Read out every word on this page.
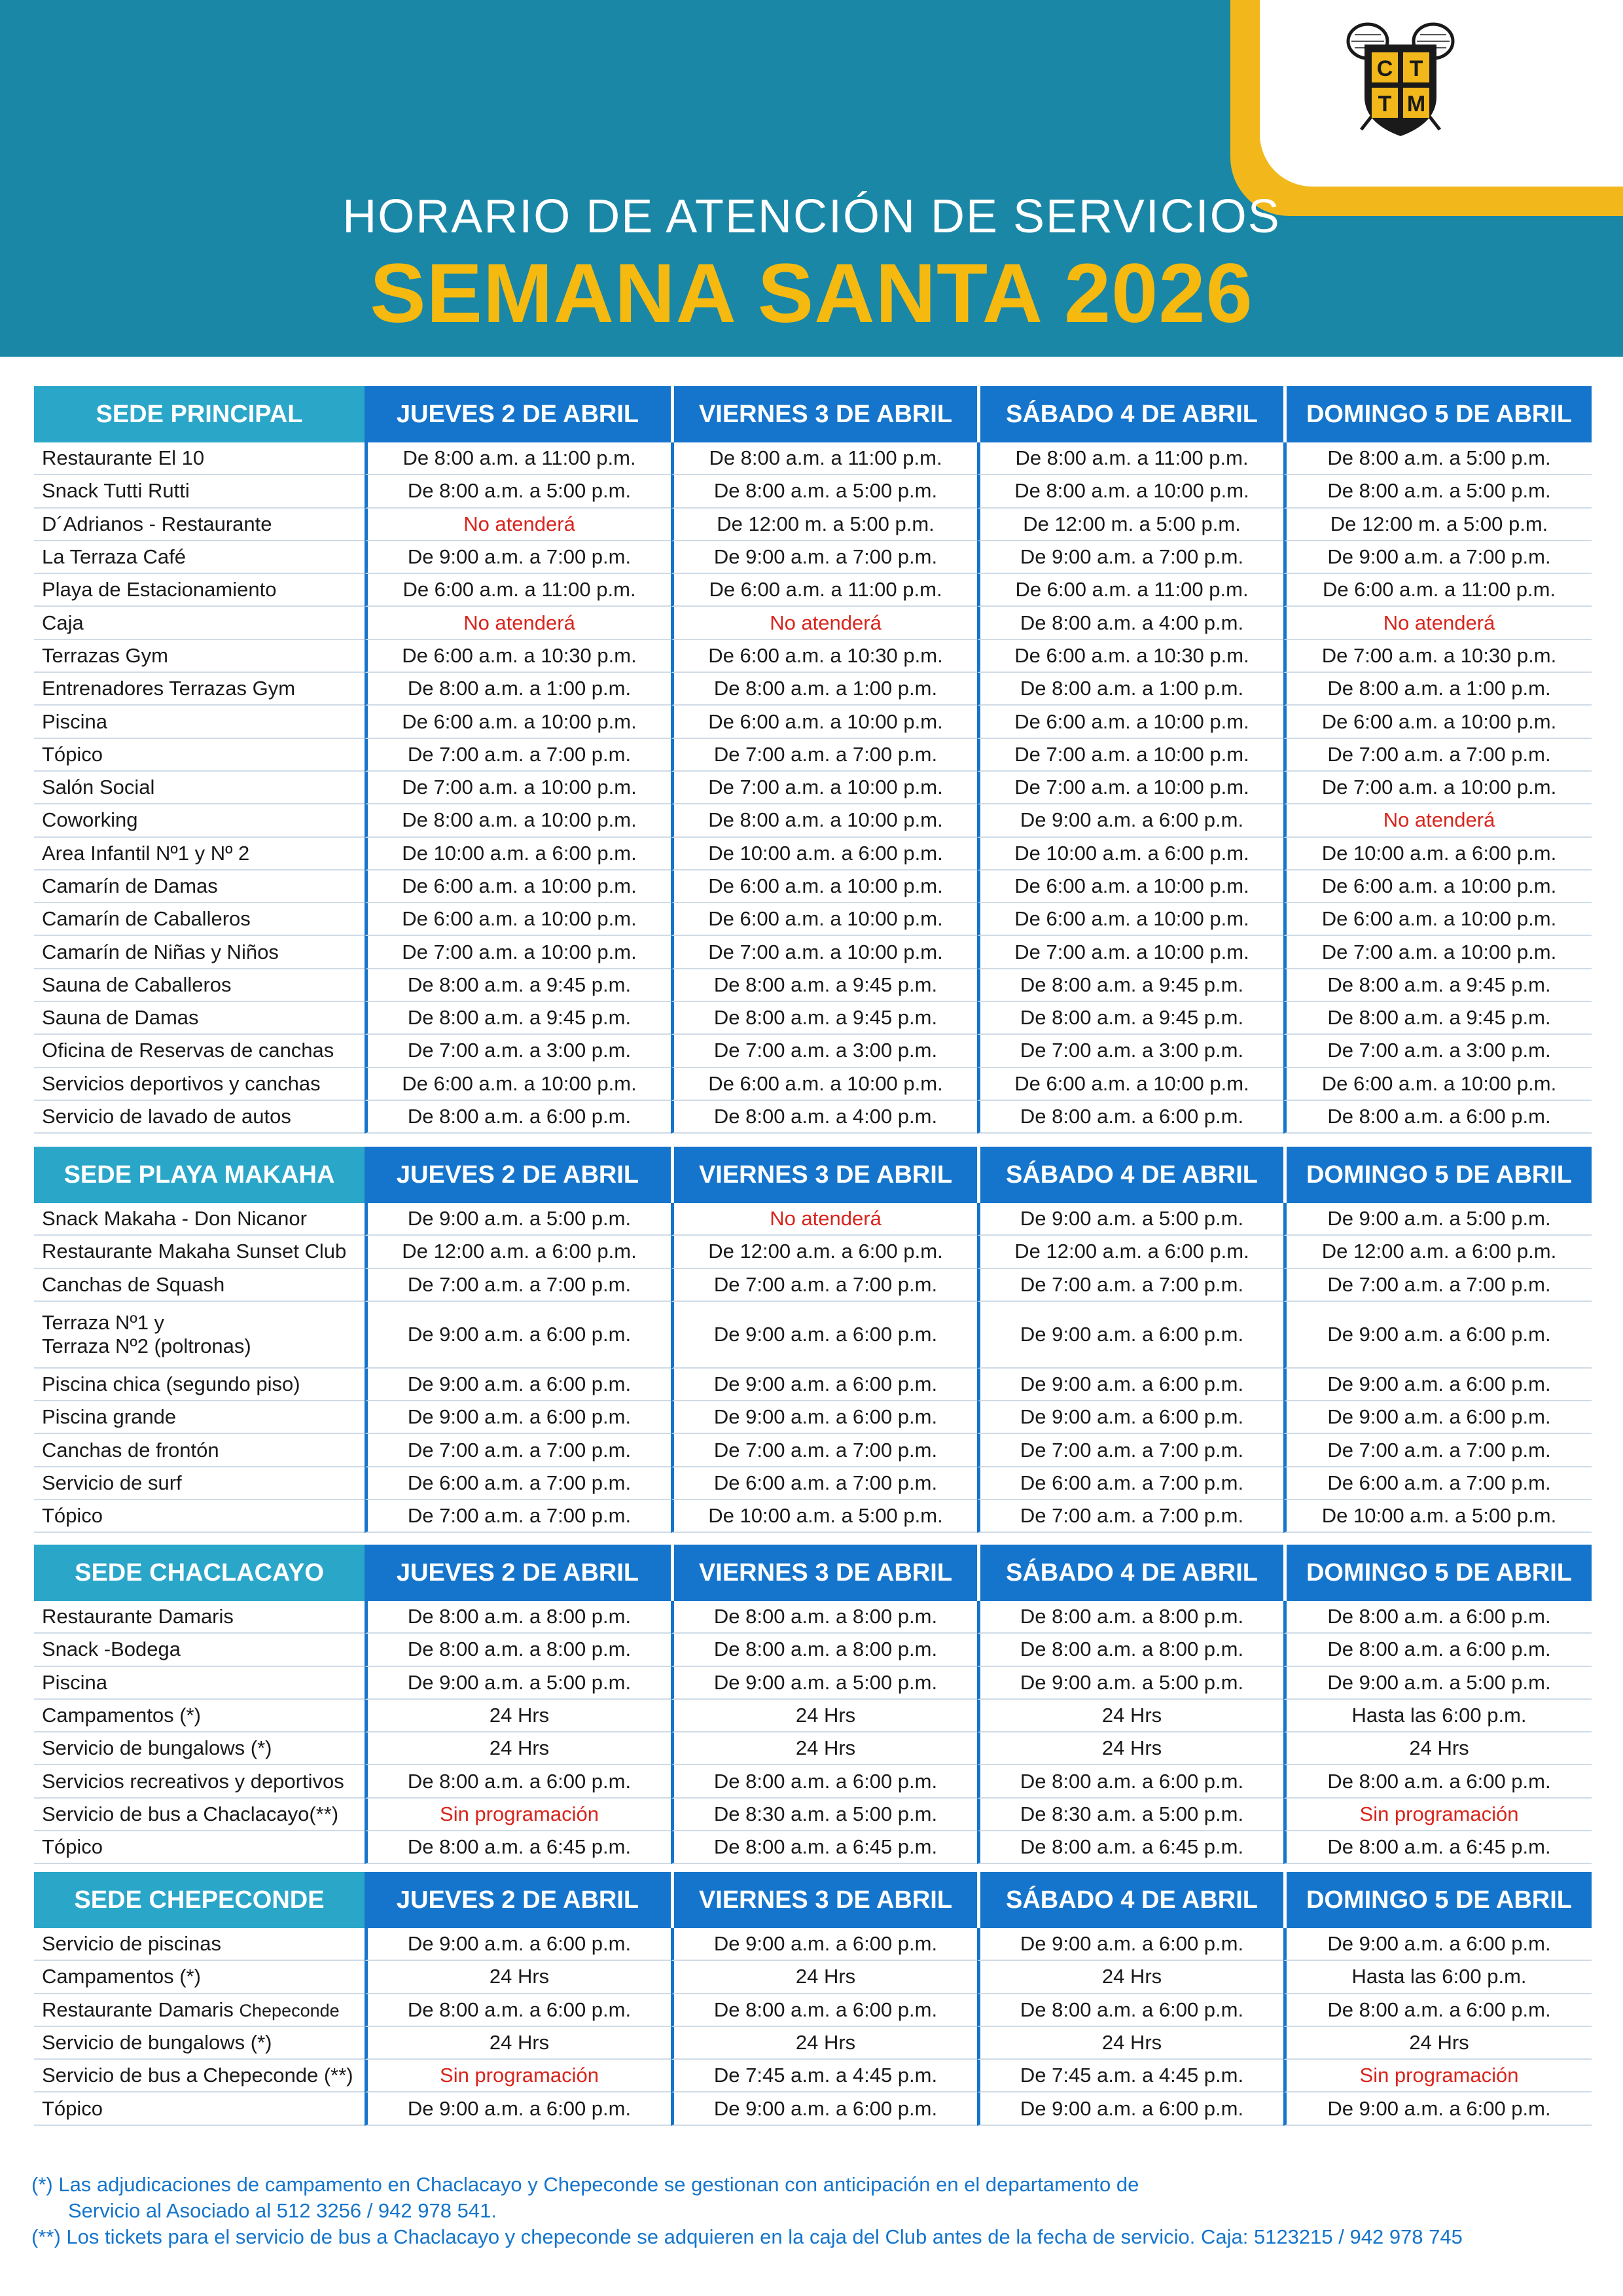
C T
T M
HORARIO DE ATENCIÓN DE SERVICIOS
SEMANA SANTA 2026
SEDE PRINCIPAL	JUEVES 2 DE ABRIL	VIERNES 3 DE ABRIL	SÁBADO 4 DE ABRIL	DOMINGO 5 DE ABRIL
Restaurante El 10	De 8:00 a.m. a 11:00 p.m.	De 8:00 a.m. a 11:00 p.m.	De 8:00 a.m. a 11:00 p.m.	De 8:00 a.m. a 5:00 p.m.
Snack Tutti Rutti	De 8:00 a.m. a 5:00 p.m.	De 8:00 a.m. a 5:00 p.m.	De 8:00 a.m. a 10:00 p.m.	De 8:00 a.m. a 5:00 p.m.
D´Adrianos - Restaurante	No atenderá	De 12:00 m. a 5:00 p.m.	De 12:00 m. a 5:00 p.m.	De 12:00 m. a 5:00 p.m.
La Terraza Café	De 9:00 a.m. a 7:00 p.m.	De 9:00 a.m. a 7:00 p.m.	De 9:00 a.m. a 7:00 p.m.	De 9:00 a.m. a 7:00 p.m.
Playa de Estacionamiento	De 6:00 a.m. a 11:00 p.m.	De 6:00 a.m. a 11:00 p.m.	De 6:00 a.m. a 11:00 p.m.	De 6:00 a.m. a 11:00 p.m.
Caja	No atenderá	No atenderá	De 8:00 a.m. a 4:00 p.m.	No atenderá
Terrazas Gym	De 6:00 a.m. a 10:30 p.m.	De 6:00 a.m. a 10:30 p.m.	De 6:00 a.m. a 10:30 p.m.	De 7:00 a.m. a 10:30 p.m.
Entrenadores Terrazas Gym	De 8:00 a.m. a 1:00 p.m.	De 8:00 a.m. a 1:00 p.m.	De 8:00 a.m. a 1:00 p.m.	De 8:00 a.m. a 1:00 p.m.
Piscina	De 6:00 a.m. a 10:00 p.m.	De 6:00 a.m. a 10:00 p.m.	De 6:00 a.m. a 10:00 p.m.	De 6:00 a.m. a 10:00 p.m.
Tópico	De 7:00 a.m. a 7:00 p.m.	De 7:00 a.m. a 7:00 p.m.	De 7:00 a.m. a 10:00 p.m.	De 7:00 a.m. a 7:00 p.m.
Salón Social	De 7:00 a.m. a 10:00 p.m.	De 7:00 a.m. a 10:00 p.m.	De 7:00 a.m. a 10:00 p.m.	De 7:00 a.m. a 10:00 p.m.
Coworking	De 8:00 a.m. a 10:00 p.m.	De 8:00 a.m. a 10:00 p.m.	De 9:00 a.m. a 6:00 p.m.	No atenderá
Area Infantil Nº1 y Nº 2	De 10:00 a.m. a 6:00 p.m.	De 10:00 a.m. a 6:00 p.m.	De 10:00 a.m. a 6:00 p.m.	De 10:00 a.m. a 6:00 p.m.
Camarín de Damas	De 6:00 a.m. a 10:00 p.m.	De 6:00 a.m. a 10:00 p.m.	De 6:00 a.m. a 10:00 p.m.	De 6:00 a.m. a 10:00 p.m.
Camarín de Caballeros	De 6:00 a.m. a 10:00 p.m.	De 6:00 a.m. a 10:00 p.m.	De 6:00 a.m. a 10:00 p.m.	De 6:00 a.m. a 10:00 p.m.
Camarín de Niñas y Niños	De 7:00 a.m. a 10:00 p.m.	De 7:00 a.m. a 10:00 p.m.	De 7:00 a.m. a 10:00 p.m.	De 7:00 a.m. a 10:00 p.m.
Sauna de Caballeros	De 8:00 a.m. a 9:45 p.m.	De 8:00 a.m. a 9:45 p.m.	De 8:00 a.m. a 9:45 p.m.	De 8:00 a.m. a 9:45 p.m.
Sauna de Damas	De 8:00 a.m. a 9:45 p.m.	De 8:00 a.m. a 9:45 p.m.	De 8:00 a.m. a 9:45 p.m.	De 8:00 a.m. a 9:45 p.m.
Oficina de Reservas de canchas	De 7:00 a.m. a 3:00 p.m.	De 7:00 a.m. a 3:00 p.m.	De 7:00 a.m. a 3:00 p.m.	De 7:00 a.m. a 3:00 p.m.
Servicios deportivos y canchas	De 6:00 a.m. a 10:00 p.m.	De 6:00 a.m. a 10:00 p.m.	De 6:00 a.m. a 10:00 p.m.	De 6:00 a.m. a 10:00 p.m.
Servicio de lavado de autos	De 8:00 a.m. a 6:00 p.m.	De 8:00 a.m. a 4:00 p.m.	De 8:00 a.m. a 6:00 p.m.	De 8:00 a.m. a 6:00 p.m.
SEDE PLAYA MAKAHA	JUEVES 2 DE ABRIL	VIERNES 3 DE ABRIL	SÁBADO 4 DE ABRIL	DOMINGO 5 DE ABRIL
Snack Makaha - Don Nicanor	De 9:00 a.m. a 5:00 p.m.	No atenderá	De 9:00 a.m. a 5:00 p.m.	De 9:00 a.m. a 5:00 p.m.
Restaurante Makaha Sunset Club	De 12:00 a.m. a 6:00 p.m.	De 12:00 a.m. a 6:00 p.m.	De 12:00 a.m. a 6:00 p.m.	De 12:00 a.m. a 6:00 p.m.
Canchas de Squash	De 7:00 a.m. a 7:00 p.m.	De 7:00 a.m. a 7:00 p.m.	De 7:00 a.m. a 7:00 p.m.	De 7:00 a.m. a 7:00 p.m.
Terraza Nº1 y
Terraza Nº2 (poltronas)	De 9:00 a.m. a 6:00 p.m.	De 9:00 a.m. a 6:00 p.m.	De 9:00 a.m. a 6:00 p.m.	De 9:00 a.m. a 6:00 p.m.
Piscina chica (segundo piso)	De 9:00 a.m. a 6:00 p.m.	De 9:00 a.m. a 6:00 p.m.	De 9:00 a.m. a 6:00 p.m.	De 9:00 a.m. a 6:00 p.m.
Piscina grande	De 9:00 a.m. a 6:00 p.m.	De 9:00 a.m. a 6:00 p.m.	De 9:00 a.m. a 6:00 p.m.	De 9:00 a.m. a 6:00 p.m.
Canchas de frontón	De 7:00 a.m. a 7:00 p.m.	De 7:00 a.m. a 7:00 p.m.	De 7:00 a.m. a 7:00 p.m.	De 7:00 a.m. a 7:00 p.m.
Servicio de surf	De 6:00 a.m. a 7:00 p.m.	De 6:00 a.m. a 7:00 p.m.	De 6:00 a.m. a 7:00 p.m.	De 6:00 a.m. a 7:00 p.m.
Tópico	De 7:00 a.m. a 7:00 p.m.	De 10:00 a.m. a 5:00 p.m.	De 7:00 a.m. a 7:00 p.m.	De 10:00 a.m. a 5:00 p.m.
SEDE CHACLACAYO	JUEVES 2 DE ABRIL	VIERNES 3 DE ABRIL	SÁBADO 4 DE ABRIL	DOMINGO 5 DE ABRIL
Restaurante Damaris	De 8:00 a.m. a 8:00 p.m.	De 8:00 a.m. a 8:00 p.m.	De 8:00 a.m. a 8:00 p.m.	De 8:00 a.m. a 6:00 p.m.
Snack -Bodega	De 8:00 a.m. a 8:00 p.m.	De 8:00 a.m. a 8:00 p.m.	De 8:00 a.m. a 8:00 p.m.	De 8:00 a.m. a 6:00 p.m.
Piscina	De 9:00 a.m. a 5:00 p.m.	De 9:00 a.m. a 5:00 p.m.	De 9:00 a.m. a 5:00 p.m.	De 9:00 a.m. a 5:00 p.m.
Campamentos (*)	24 Hrs	24 Hrs	24 Hrs	Hasta las 6:00 p.m.
Servicio de bungalows (*)	24 Hrs	24 Hrs	24 Hrs	24 Hrs
Servicios recreativos y deportivos	De 8:00 a.m. a 6:00 p.m.	De 8:00 a.m. a 6:00 p.m.	De 8:00 a.m. a 6:00 p.m.	De 8:00 a.m. a 6:00 p.m.
Servicio de bus a Chaclacayo(**)	Sin programación	De 8:30 a.m. a 5:00 p.m.	De 8:30 a.m. a 5:00 p.m.	Sin programación
Tópico	De 8:00 a.m. a 6:45 p.m.	De 8:00 a.m. a 6:45 p.m.	De 8:00 a.m. a 6:45 p.m.	De 8:00 a.m. a 6:45 p.m.
SEDE CHEPECONDE	JUEVES 2 DE ABRIL	VIERNES 3 DE ABRIL	SÁBADO 4 DE ABRIL	DOMINGO 5 DE ABRIL
Servicio de piscinas	De 9:00 a.m. a 6:00 p.m.	De 9:00 a.m. a 6:00 p.m.	De 9:00 a.m. a 6:00 p.m.	De 9:00 a.m. a 6:00 p.m.
Campamentos (*)	24 Hrs	24 Hrs	24 Hrs	Hasta las 6:00 p.m.
Restaurante Damaris Chepeconde	De 8:00 a.m. a 6:00 p.m.	De 8:00 a.m. a 6:00 p.m.	De 8:00 a.m. a 6:00 p.m.	De 8:00 a.m. a 6:00 p.m.
Servicio de bungalows (*)	24 Hrs	24 Hrs	24 Hrs	24 Hrs
Servicio de bus a Chepeconde (**)	Sin programación	De 7:45 a.m. a 4:45 p.m.	De 7:45 a.m. a 4:45 p.m.	Sin programación
Tópico	De 9:00 a.m. a 6:00 p.m.	De 9:00 a.m. a 6:00 p.m.	De 9:00 a.m. a 6:00 p.m.	De 9:00 a.m. a 6:00 p.m.
(*) Las adjudicaciones de campamento en Chaclacayo y Chepeconde se gestionan con anticipación en el departamento de
Servicio al Asociado al 512 3256 / 942 978 541.
(**) Los tickets para el servicio de bus a Chaclacayo y chepeconde se adquieren en la caja del Club antes de la fecha de servicio. Caja: 5123215 / 942 978 745
